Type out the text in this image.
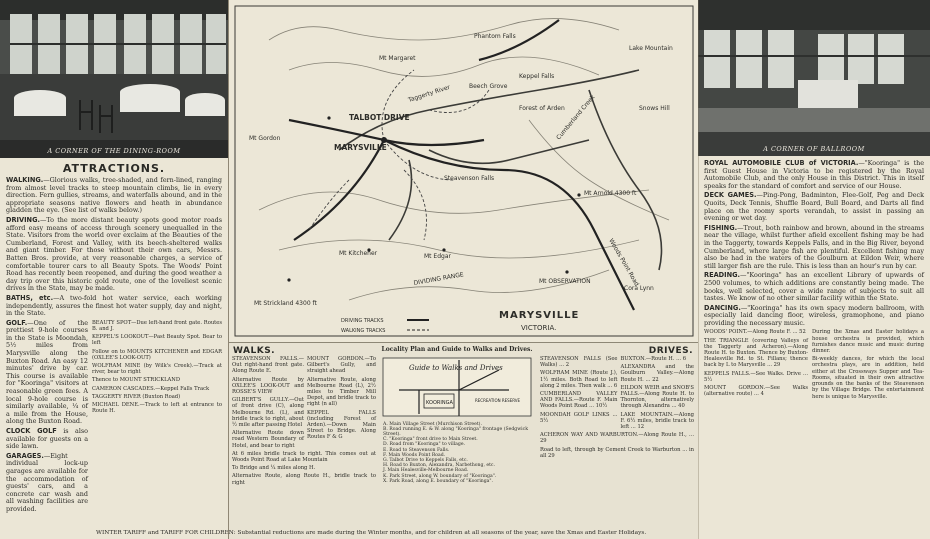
A CORNER OF THE DINING-ROOM
ATTRACTIONS.

WALKING.—Glorious walks, tree-shaded, and fern-lined, ranging from almost level tracks to steep mountain climbs, lie in every direction. Fern gullies, streams, and waterfalls abound, and in the appropriate seasons native flowers and heath in abundance gladden the eye. (See list of walks below.)

DRIVING.—To the more distant beauty spots good motor roads afford easy means of access through scenery unequalled in the State. Visitors from the world over exclaim at the Beauties of the Cumberland, Forest and Valley, with its beech-sheltered walks and giant timber. For those without their own cars, Messrs. Batten Bros. provide, at very reasonable charges, a service of comfortable tourer cars to all Beauty Spots. The Woods' Point Road has recently been reopened, and during the good weather a day trip over this historic gold route, one of the loveliest scenic drives in the State, may be made.

BATHS, etc.—A two-fold hot water service, each working independently, assures the finest hot water supply, day and night, in the State.

GOLF.—One of the prettiest 9-hole courses in the State is Moondah, 5½ miles from Marysville along the Buxton Road. An easy 12 minutes' drive by car. This course is available for "Kooringa" visitors at reasonable green fees. A local 9-hole course is similarly available, ¼ of a mile from the House, along the Buxton Road.

CLOCK GOLF is also available for guests on a side lawn.

GARAGES.—Eight individual lock-up garages are available for the accommodation of guests' cars, and a concrete car wash and all washing facilities are provided.

BEAUTY SPOT—Due left-hand front gate. Routes B. and J.
KEPPEL'S LOOKOUT—Past Beauty Spot. Bear to left
Follow on to MOUNTS KITCHENER and EDGAR (OXLEE'S LOOK-OUT)
WOLFRAM MINE (by Wilk's Creek).—Track at river, bear to right
Thence to MOUNT STRICKLAND
CAMERON CASCADES.—Keppel Falls Track
TAGGERTY RIVER (Buxton Road)
MICHAEL DENE.—Track to left at entrance to Route H.
Mt Margaret
Phantom Falls
Keppel Falls
Lake Mountain
Taggerty River	Beech Grove
Forest of Arden	Snows Hill
Cumberland Creek
TALBOT DRIVE
MARYSVILLE
Steavenson Falls
Mt Gordon
Mt Kitchener	Mt Edgar
Mt Arnold 4300 ft
Mt OBSERVATION
DIVIDING RANGE
Cora Lynn
Mt Strickland 4300 ft
Woods Point Road
DRIVING TRACKS
WALKING TRACKS
MARYSVILLE
VICTORIA.
WALKS.
STEAVENSON FALLS.—Out right-hand front gate. Along Route E.
Alternative Route by OXLEE'S LOOK-OUT and ROSSE'S VIEW
GILBERT'S GULLY.—Out of front drive (C), along Melbourne Rd. (L), and bridle track to right, about ½ mile after passing Hotel
Alternative Route down road Western Boundary of Hotel, and bear to right
MOUNT GORDON.—To Gilbert's Gully, and straight ahead
Alternative Route, along Melbourne Road (L), 2½ miles to Timber Mill Depot, and bridle track to right (n all)
KEPPEL FALLS (including Forest of Arden).—Down Main Street to Bridge. Along Routes F & G
At 6 miles bridle track to right. This comes out at Woods Point Road at Lake Mountain
To Bridge and ¼ miles along H.
Alternative Route, along Route H., bridle track to right
Locality Plan and Guide to Walks and Drives.
Guide to Walks and Drives
KOORINGA	RECREATION RESERVE
A. Main Village Street (Murchison Street).
B. Road running E. & W. along "Kooringa" frontage (Sedgwick Street).
C. "Kooringa" front drive to Main Street.
D. Road from "Kooringa" to village.
E. Road to Steavenson Falls.
F. Main Woods Point Road.
G. Talbot Drive to Keppels Falls, etc.
H. Road to Buxton, Alexandra, Narbethong, etc.
J. Main Healesville-Melbourne Road.
K. Park Street, along W. boundary of "Kooringa".
X. Park Road, along E. boundary of "Kooringa".
DRIVES.
STEAVENSON FALLS (See Walks) ... 2
WOLFRAM MINE (Route J.), 1½ miles. Both Road to left along 2 miles. Then walk ... 6
CUMBERLAND VALLEY AND FALLS.—Route F. Main Woods Point Road ... 10½
MOONDAH GOLF LINKS ... 5½
BUXTON.—Route H. ... 6
ALEXANDRA and the Goulburn Valley.—Along Route H. ... 22
EILDON WEIR and SNOB'S FALLS.—Along Route H. to Thornton, alternatively through Alexandra ... 40
LAKE MOUNTAIN.—Along F. 6½ miles, bridle track to left ... 12
ACHERON WAY AND WARBURTON.—Along Route H., ... 29
Road to left, through by Cement Creek to Warburton ... in all 29
A CORNER OF BALLROOM

ROYAL AUTOMOBILE CLUB of VICTORIA.—"Kooringa" is the first Guest House in Victoria to be registered by the Royal Automobile Club, and the only House in this District. This in itself speaks for the standard of comfort and service of our House.

DECK GAMES.—Ping-Pong, Badminton, Flee-Golf, Peg and Deck Quoits, Deck Tennis, Shuffle Board, Bull Board, and Darts all find place on the roomy sports verandah, to assist in passing an evening or wet day.

FISHING.—Trout, both rainbow and brown, abound in the streams near the village, whilst further afield excellent fishing may be had in the Taggerty, towards Keppels Falls, and in the Big River, beyond Cumberland, where large fish are plentiful. Excellent fishing may also be had in the waters of the Goulburn at Eildon Weir, where still larger fish are the rule. This is less than an hour's run by car.

READING.—"Kooringa" has an excellent Library of upwards of 2500 volumes, to which additions are constantly being made. The books, well selected, cover a wide range of subjects to suit all tastes. We know of no other similar facility within the State.

DANCING.—"Kooringa" has its own spacy modern ballroom, with especially laid dancing floor, wireless, gramophone, and piano providing the necessary music.

WOODS' POINT.—Along Route F. ... 52
THE TRIANGLE (covering Valleys of the Taggerty and Acheron).—Along Route H. to Buxton. Thence by Buxton-Healesville Rd. to St. Fillans; thence back by L to Marysville ... 29
KEPPELS FALLS.—See Walks. Drive ... 5½
MOUNT GORDON.—See Walks (alternative route) ... 4
During the Xmas and Easter holidays a house orchestra is provided, which furnishes dance music and music during dinner.
Bi-weekly dances, for which the local orchestra plays, are in addition, held either at the Crossways Supper and Tea-Rooms, situated in their own attractive grounds on the banks of the Steavenson by the Village Bridge. The entertainment here is unique to Marysville.
WINTER TARIFF and TARIFF FOR CHILDREN: Substantial reductions are made during the Winter months, and for children at all seasons of the year, save the Xmas and Easter Holidays.
